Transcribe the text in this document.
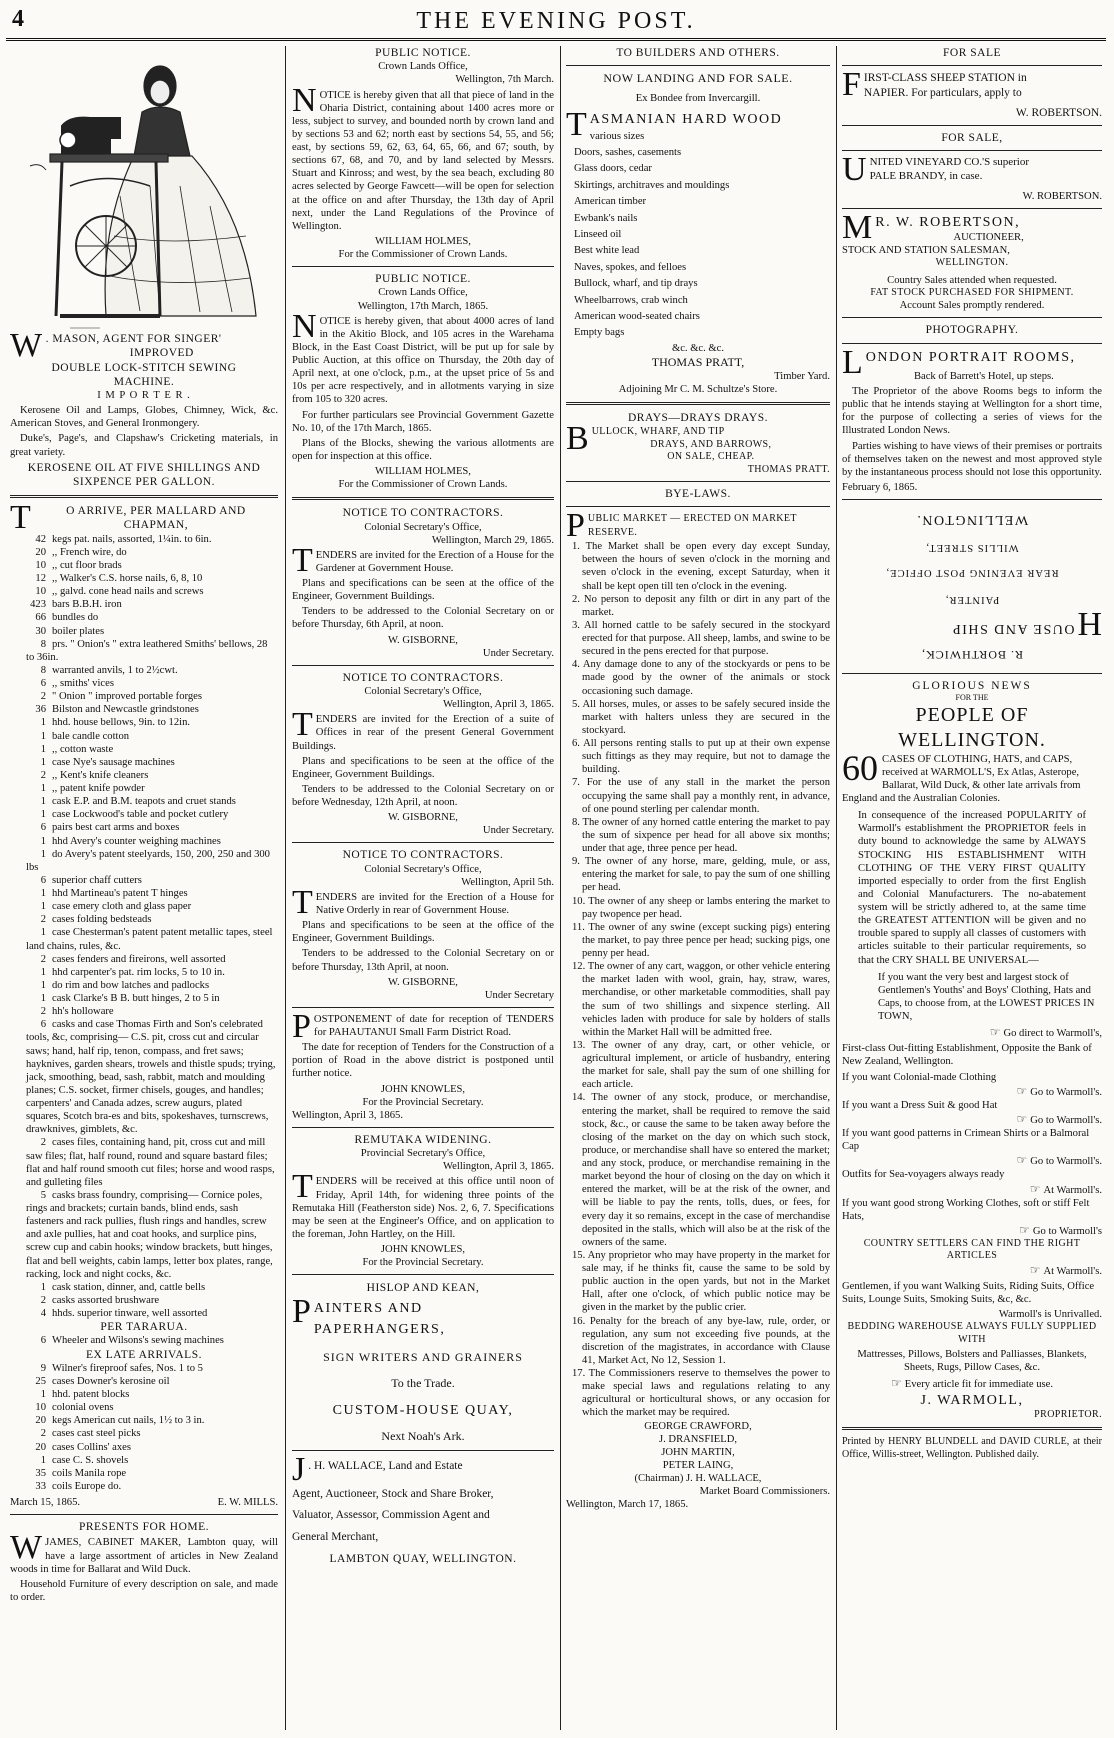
4	THE EVENING POST.
W . MASON, AGENT FOR SINGER'
IMPROVED
DOUBLE LOCK-STITCH SEWING
MACHINE.
I M P O R T E R .

Kerosene Oil and Lamps, Globes, Chimney, Wick, &c. American Stoves, and General Ironmongery.

Duke's, Page's, and Clapshaw's Cricketing materials, in great variety.

KEROSENE OIL AT FIVE SHILLINGS AND SIXPENCE PER GALLON.

T	O ARRIVE, PER MALLARD AND CHAPMAN,
42 kegs pat. nails, assorted, 1¼in. to 6in.
20 ,, French wire, do
10 ,, cut floor brads
12 ,, Walker's C.S. horse nails, 6, 8, 10
10 ,, galvd. cone head nails and screws
423 bars B.B.H. iron
66 bundles do
30 boiler plates
8 prs. " Onion's " extra leathered Smiths' bellows, 28 to 36in.
8 warranted anvils, 1 to 2½cwt.
6 ,, smiths' vices
2 " Onion " improved portable forges
36 Bilston and Newcastle grindstones
1 hhd. house bellows, 9in. to 12in.
1 bale candle cotton
1 ,, cotton waste
1 case Nye's sausage machines
2 ,, Kent's knife cleaners
1 ,, patent knife powder
1 cask E.P. and B.M. teapots and cruet stands
1 case Lockwood's table and pocket cutlery
6 pairs best cart arms and boxes
1 hhd Avery's counter weighing machines
1 do Avery's patent steelyards, 150, 200, 250 and 300 lbs
6 superior chaff cutters
1 hhd Martineau's patent T hinges
1 case emery cloth and glass paper
2 cases folding bedsteads
1 case Chesterman's patent patent metallic tapes, steel land chains, rules, &c.
2 cases fenders and fireirons, well assorted
1 hhd carpenter's pat. rim locks, 5 to 10 in.
1 do rim and bow latches and padlocks
1 cask Clarke's B B. butt hinges, 2 to 5 in
2 hh's holloware
6 casks and case Thomas Firth and Son's celebrated tools, &c, comprising— C.S. pit, cross cut and circular saws; hand, half rip, tenon, compass, and fret saws; hayknives, garden shears, trowels and thistle spuds; trying, jack, smoothing, bead, sash, rabbit, match and moulding planes; C.S. socket, firmer chisels, gouges, and handles; carpenters' and Canada adzes, screw augurs, plated squares, Scotch bra-es and bits, spokeshaves, turnscrews, drawknives, gimblets, &c.
2 cases files, containing hand, pit, cross cut and mill saw files; flat, half round, round and square bastard files; flat and half round smooth cut files; horse and wood rasps, and gulleting files
5 casks brass foundry, comprising— Cornice poles, rings and brackets; curtain bands, blind ends, sash fasteners and rack pullies, flush rings and handles, screw and axle pullies, hat and coat hooks, and surplice pins, screw cup and cabin hooks; window brackets, butt hinges, flat and bell weights, cabin lamps, letter box plates, range, racking, lock and night cocks, &c.
1 cask station, dinner, and, cattle bells
2 casks assorted brushware
4 hhds. superior tinware, well assorted
PER TARARUA.
6 Wheeler and Wilsons's sewing machines
EX LATE ARRIVALS.
9 Wilner's fireproof safes, Nos. 1 to 5
25 cases Downer's kerosine oil
1 hhd. patent blocks
10 colonial ovens
20 kegs American cut nails, 1½ to 3 in.
2 cases cast steel picks
20 cases Collins' axes
1 case C. S. shovels
35 coils Manila rope
33 coils Europe do.
March 15, 1865.	E. W. MILLS.
PRESENTS FOR HOME.
W JAMES, CABINET MAKER, Lambton quay, will have a large assortment of articles in New Zealand woods in time for Ballarat and Wild Duck.

Household Furniture of every description on sale, and made to order.

PUBLIC NOTICE.
Crown Lands Office,
Wellington, 7th March.
N OTICE is hereby given that all that piece of land in the Oharia District, containing about 1400 acres more or less, subject to survey, and bounded north by crown land and by sections 53 and 62; north east by sections 54, 55, and 56; east, by sections 59, 62, 63, 64, 65, 66, and 67; south, by sections 67, 68, and 70, and by land selected by Messrs. Stuart and Kinross; and west, by the sea beach, excluding 80 acres selected by George Fawcett—will be open for selection at the office on and after Thursday, the 13th day of April next, under the Land Regulations of the Province of Wellington.

WILLIAM HOLMES,
For the Commissioner of Crown Lands.
PUBLIC NOTICE.
Crown Lands Office,
Wellington, 17th March, 1865.
N OTICE is hereby given, that about 4000 acres of land in the Akitio Block, and 105 acres in the Warehama Block, in the East Coast District, will be put up for sale by Public Auction, at this office on Thursday, the 20th day of April next, at one o'clock, p.m., at the upset price of 5s and 10s per acre respectively, and in allotments varying in size from 105 to 320 acres.

For further particulars see Provincial Government Gazette No. 10, of the 17th March, 1865.

Plans of the Blocks, shewing the various allotments are open for inspection at this office.

WILLIAM HOLMES,
For the Commissioner of Crown Lands.
NOTICE TO CONTRACTORS.
Colonial Secretary's Office,
Wellington, March 29, 1865.
T ENDERS are invited for the Erection of a House for the Gardener at Government House.

Plans and specifications can be seen at the office of the Engineer, Government Buildings.

Tenders to be addressed to the Colonial Secretary on or before Thursday, 6th April, at noon.

W. GISBORNE,
Under Secretary.
NOTICE TO CONTRACTORS.
Colonial Secretary's Office,
Wellington, April 3, 1865.
T ENDERS are invited for the Erection of a suite of Offices in rear of the present General Government Buildings.

Plans and specifications to be seen at the office of the Engineer, Government Buildings.

Tenders to be addressed to the Colonial Secretary on or before Wednesday, 12th April, at noon.

W. GISBORNE,
Under Secretary.
NOTICE TO CONTRACTORS.
Colonial Secretary's Office,
Wellington, April 5th.
T ENDERS are invited for the Erection of a House for Native Orderly in rear of Government House.

Plans and specifications to be seen at the office of the Engineer, Government Buildings.

Tenders to be addressed to the Colonial Secretary on or before Thursday, 13th April, at noon.

W. GISBORNE,
Under Secretary
P OSTPONEMENT of date for reception of TENDERS for PAHAUTANUI Small Farm District Road.

The date for reception of Tenders for the Construction of a portion of Road in the above district is postponed until further notice.

JOHN KNOWLES,
For the Provincial Secretary.
Wellington, April 3, 1865.
REMUTAKA WIDENING.
Provincial Secretary's Office,
Wellington, April 3, 1865.
T ENDERS will be received at this office until noon of Friday, April 14th, for widening three points of the Remutaka Hill (Featherston side) Nos. 2, 6, 7. Specifications may be seen at the Engineer's Office, and on application to the foreman, John Hartley, on the Hill.

JOHN KNOWLES,
For the Provincial Secretary.
HISLOP AND KEAN,
PAINTERS AND PAPERHANGERS,
SIGN WRITERS AND GRAINERS
To the Trade.
CUSTOM-HOUSE QUAY,
Next Noah's Ark.
J . H. WALLACE, Land and Estate
Agent, Auctioneer, Stock and Share Broker,
Valuator, Assessor, Commission Agent and
General Merchant,
LAMBTON QUAY, WELLINGTON.
TO BUILDERS AND OTHERS.
NOW LANDING AND FOR SALE.
Ex Bondee from Invercargill.
TASMANIAN HARD WOOD
various sizes
Doors, sashes, casements
Glass doors, cedar
Skirtings, architraves and mouldings
American timber
Ewbank's nails
Linseed oil
Best white lead
Naves, spokes, and felloes
Bullock, wharf, and tip drays
Wheelbarrows, crab winch
American wood-seated chairs
Empty bags
&c. &c. &c.
THOMAS PRATT,
Timber Yard.
Adjoining Mr C. M. Schultze's Store.
DRAYS—DRAYS DRAYS.
BULLOCK, WHARF, AND TIP
DRAYS, AND BARROWS,
ON SALE, CHEAP.
THOMAS PRATT.
BYE-LAWS.
PUBLIC MARKET — ERECTED ON MARKET RESERVE.
1. The Market shall be open every day except Sunday, between the hours of seven o'clock in the morning and seven o'clock in the evening, except Saturday, when it shall be kept open till ten o'clock in the evening.
2. No person to deposit any filth or dirt in any part of the market.
3. All horned cattle to be safely secured in the stockyard erected for that purpose. All sheep, lambs, and swine to be secured in the pens erected for that purpose.
4. Any damage done to any of the stockyards or pens to be made good by the owner of the animals or stock occasioning such damage.
5. All horses, mules, or asses to be safely secured inside the market with halters unless they are secured in the stockyard.
6. All persons renting stalls to put up at their own expense such fittings as they may require, but not to damage the building.
7. For the use of any stall in the market the person occupying the same shall pay a monthly rent, in advance, of one pound sterling per calendar month.
8. The owner of any horned cattle entering the market to pay the sum of sixpence per head for all above six months; under that age, three pence per head.
9. The owner of any horse, mare, gelding, mule, or ass, entering the market for sale, to pay the sum of one shilling per head.
10. The owner of any sheep or lambs entering the market to pay twopence per head.
11. The owner of any swine (except sucking pigs) entering the market, to pay three pence per head; sucking pigs, one penny per head.
12. The owner of any cart, waggon, or other vehicle entering the market laden with wool, grain, hay, straw, wares, merchandise, or other marketable commodities, shall pay the sum of two shillings and sixpence sterling. All vehicles laden with produce for sale by holders of stalls within the Market Hall will be admitted free.
13. The owner of any dray, cart, or other vehicle, or agricultural implement, or article of husbandry, entering the market for sale, shall pay the sum of one shilling for each article.
14. The owner of any stock, produce, or merchandise, entering the market, shall be required to remove the said stock, &c., or cause the same to be taken away before the closing of the market on the day on which such stock, produce, or merchandise shall have so entered the market; and any stock, produce, or merchandise remaining in the market beyond the hour of closing on the day on which it entered the market, will be at the risk of the owner, and will be liable to pay the rents, tolls, dues, or fees, for every day it so remains, except in the case of merchandise deposited in the stalls, which will also be at the risk of the owners of the same.
15. Any proprietor who may have property in the market for sale may, if he thinks fit, cause the same to be sold by public auction in the open yards, but not in the Market Hall, after one o'clock, of which public notice may be given in the market by the public crier.
16. Penalty for the breach of any bye-law, rule, order, or regulation, any sum not exceeding five pounds, at the discretion of the magistrates, in accordance with Clause 41, Market Act, No 12, Session 1.
17. The Commissioners reserve to themselves the power to make special laws and regulations relating to any agricultural or horticultural shows, or any occasion for which the market may be required.
GEORGE CRAWFORD,
J. DRANSFIELD,
JOHN MARTIN,
PETER LAING,
(Chairman) J. H. WALLACE,
Market Board Commissioners.
Wellington, March 17, 1865.
FOR SALE
FIRST-CLASS SHEEP STATION in
NAPIER. For particulars, apply to
W. ROBERTSON.
FOR SALE,
UNITED VINEYARD CO.'S superior
PALE BRANDY, in case.
W. ROBERTSON.
M R. W. ROBERTSON,
AUCTIONEER,
STOCK AND STATION SALESMAN,
WELLINGTON.
Country Sales attended when requested.
FAT STOCK PURCHASED FOR SHIPMENT.
Account Sales promptly rendered.
PHOTOGRAPHY.
LONDON PORTRAIT ROOMS,
Back of Barrett's Hotel, up steps.

The Proprietor of the above Rooms begs to inform the public that he intends staying at Wellington for a short time, for the purpose of collecting a series of views for the Illustrated London News.

Parties wishing to have views of their premises or portraits of themselves taken on the newest and most approved style by the instantaneous process should not lose this opportunity.

February 6, 1865.
R. BORTHWICK,
H
OUSE AND SHIP
PAINTER,
REAR EVENING POST OFFICE,
WILLIS STREET,
WELLINGTON.
GLORIOUS NEWS
FOR THE
PEOPLE OF WELLINGTON.
60 CASES OF CLOTHING, HATS, and CAPS, received at WARMOLL'S, Ex Atlas, Asterope, Ballarat, Wild Duck, & other late arrivals from England and the Australian Colonies.

In consequence of the increased POPULARITY of Warmoll's establishment the PROPRIETOR feels in duty bound to acknowledge the same by ALWAYS STOCKING HIS ESTABLISHMENT WITH CLOTHING OF THE VERY FIRST QUALITY imported especially to order from the first English and Colonial Manufacturers. The no-abatement system will be strictly adhered to, at the same time the GREATEST ATTENTION will be given and no trouble spared to supply all classes of customers with articles suitable to their particular requirements, so that the CRY SHALL BE UNIVERSAL—

If you want the very best and largest stock of Gentlemen's Youths' and Boys' Clothing, Hats and Caps, to choose from, at the LOWEST PRICES IN TOWN,

☞ Go direct to Warmoll's,

First-class Out-fitting Establishment, Opposite the Bank of New Zealand, Wellington.

If you want Colonial-made Clothing
☞ Go to Warmoll's.
If you want a Dress Suit & good Hat
☞ Go to Warmoll's.
If you want good patterns in Crimean Shirts or a Balmoral Cap
☞ Go to Warmoll's.
Outfits for Sea-voyagers always ready
☞ At Warmoll's.
If you want good strong Working Clothes, soft or stiff Felt Hats,
☞ Go to Warmoll's
COUNTRY SETTLERS CAN FIND THE RIGHT ARTICLES
☞ At Warmoll's.

Gentlemen, if you want Walking Suits, Riding Suits, Office Suits, Lounge Suits, Smoking Suits, &c, &c.

Warmoll's is Unrivalled.
BEDDING WAREHOUSE ALWAYS FULLY SUPPLIED WITH

Mattresses, Pillows, Bolsters and Palliasses, Blankets, Sheets, Rugs, Pillow Cases, &c.

☞ Every article fit for immediate use.
J. WARMOLL,
PROPRIETOR.
Printed by HENRY BLUNDELL and DAVID CURLE, at their Office, Willis-street, Wellington. Published daily.
